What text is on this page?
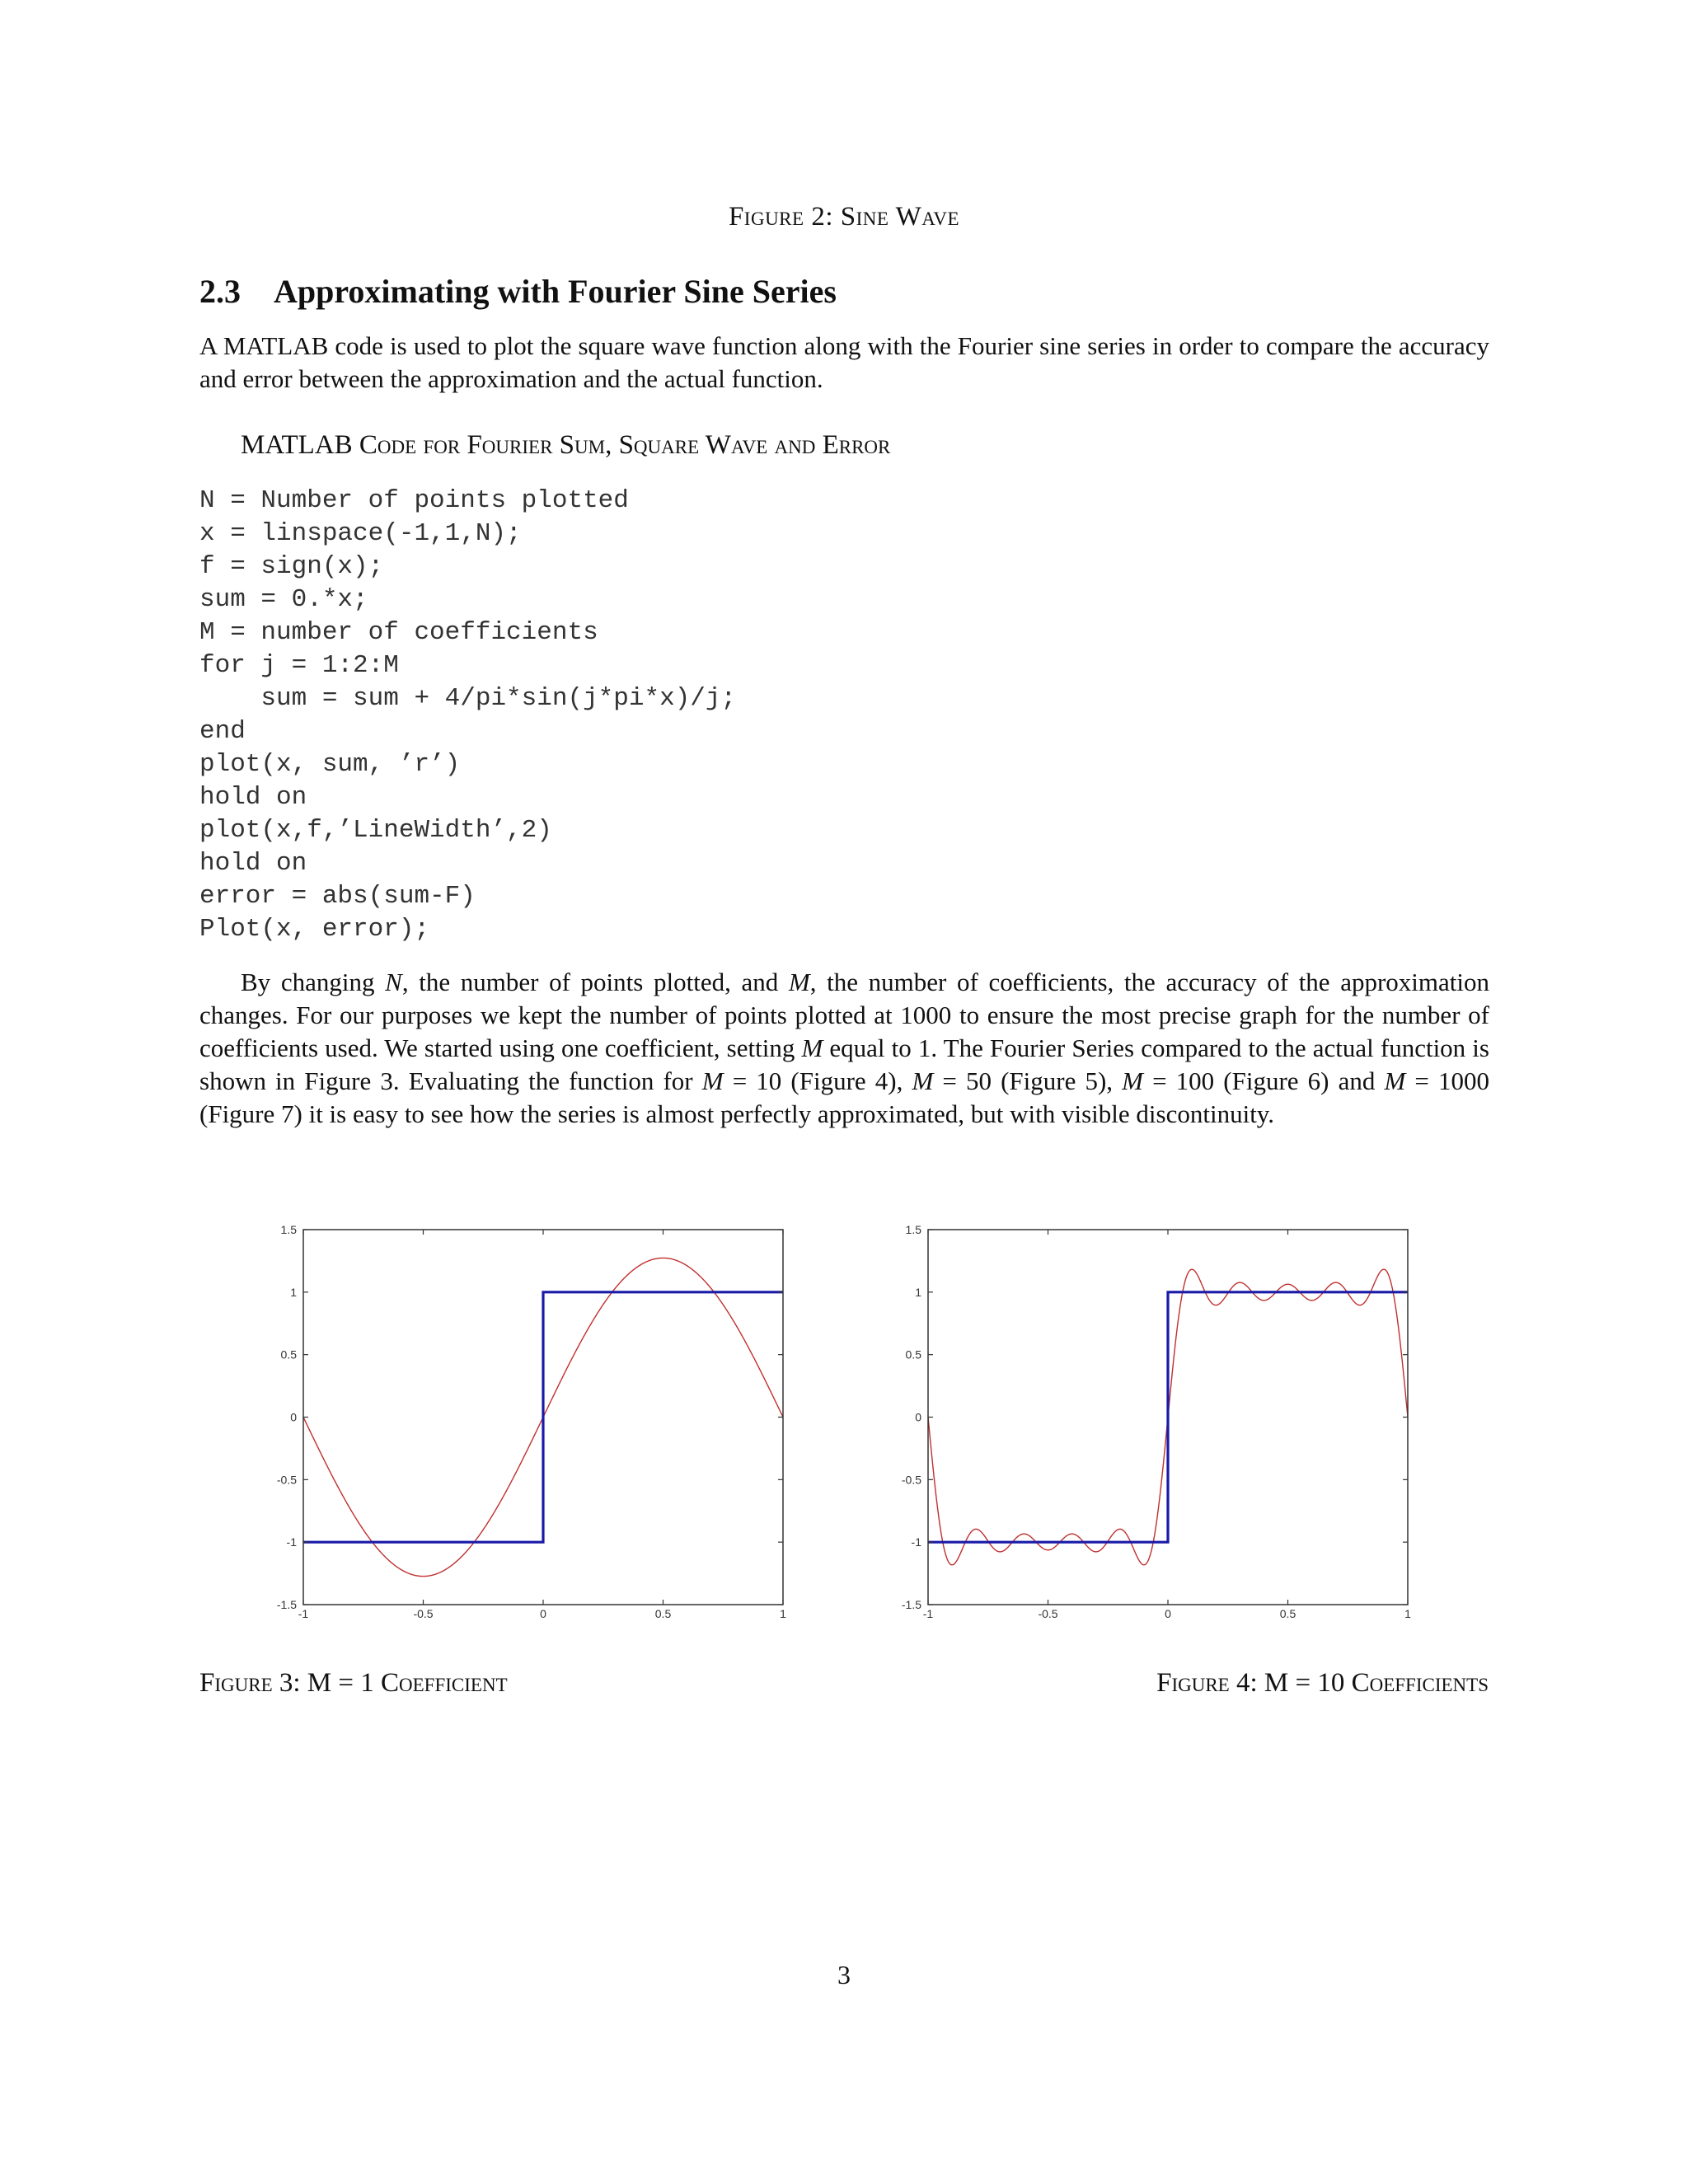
Figure 2: Sine Wave
2.3 Approximating with Fourier Sine Series

A MATLAB code is used to plot the square wave function along with the Fourier sine series in order to compare the accuracy and error between the approximation and the actual function.

MATLAB Code for Fourier Sum, Square Wave and Error
N = Number of points plotted
x = linspace(-1,1,N);
f = sign(x);
sum = 0.*x;
M = number of coefficients
for j = 1:2:M
sum = sum + 4/pi*sin(j*pi*x)/j;
end
plot(x, sum, ’r’)
hold on
plot(x,f,’LineWidth’,2)
hold on
error = abs(sum-F)
Plot(x, error);

By changing N, the number of points plotted, and M, the number of coefficients, the accuracy of the approximation changes. For our purposes we kept the number of points plotted at 1000 to ensure the most precise graph for the number of coefficients used. We started using one coefficient, setting M equal to 1. The Fourier Series compared to the actual function is shown in Figure 3. Evaluating the function for M = 10 (Figure 4), M = 50 (Figure 5), M = 100 (Figure 6) and M = 1000 (Figure 7) it is easy to see how the series is almost perfectly approximated, but with visible discontinuity.

-1	-0.5	0	0.5	1
1.5
1
0.5
0
-0.5
-1
-1.5
-1	-0.5	0	0.5	1
1.5
1
0.5
0
-0.5
-1
-1.5
Figure 3: M = 1 Coefficient	Figure 4: M = 10 Coefficients
3
